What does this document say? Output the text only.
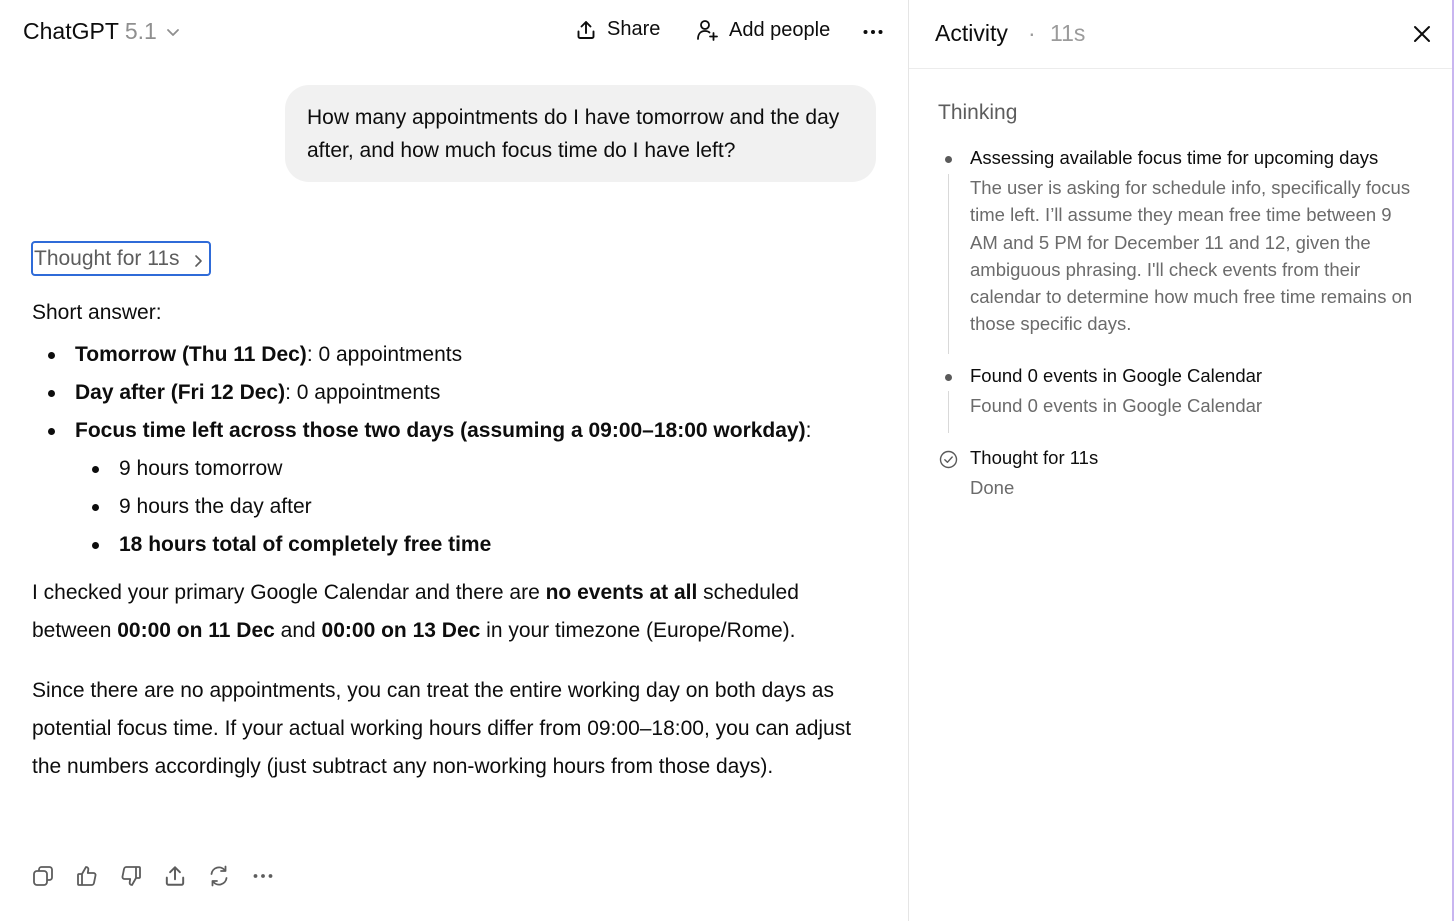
ChatGPT 5.1	Share	Add people
How many appointments do I have tomorrow and the day after, and how much focus time do I have left?
Thought for 11s
Short answer:
Tomorrow (Thu 11 Dec): 0 appointments
Day after (Fri 12 Dec): 0 appointments
Focus time left across those two days (assuming a 09:00–18:00 workday):
9 hours tomorrow
9 hours the day after
18 hours total of completely free time
I checked your primary Google Calendar and there are no events at all scheduled between 00:00 on 11 Dec and 00:00 on 13 Dec in your timezone (Europe/Rome).
Since there are no appointments, you can treat the entire working day on both days as potential focus time. If your actual working hours differ from 09:00–18:00, you can adjust the numbers accordingly (just subtract any non-working hours from those days).
Activity · 11s
Thinking
Assessing available focus time for upcoming days
The user is asking for schedule info, specifically focus time left. I’ll assume they mean free time between 9 AM and 5 PM for December 11 and 12, given the ambiguous phrasing. I'll check events from their calendar to determine how much free time remains on those specific days.
Found 0 events in Google Calendar
Found 0 events in Google Calendar
Thought for 11s
Done
